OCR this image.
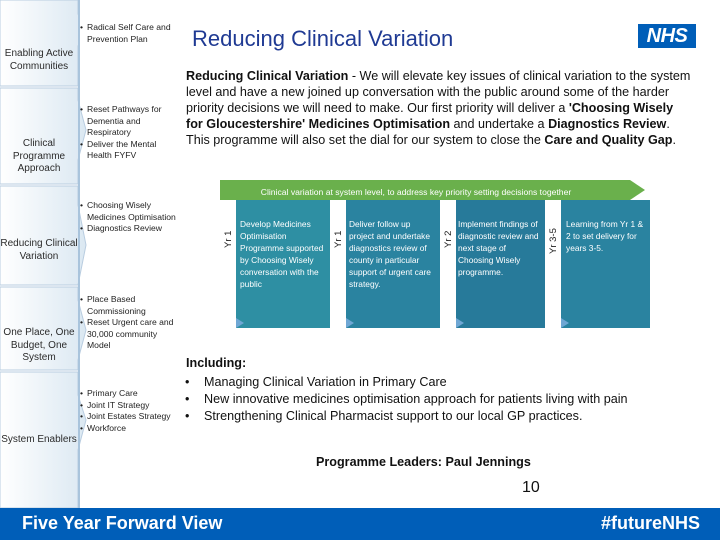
Enabling Active Communities
• Radical Self Care and Prevention Plan
Clinical Programme Approach
• Reset Pathways for Dementia and Respiratory
• Deliver the Mental Health FYFV
Reducing Clinical Variation
• Choosing Wisely Medicines Optimisation
• Diagnostics Review
One Place, One Budget, One System
• Place Based Commissioning
• Reset Urgent care and 30,000 community Model
System Enablers
• Primary Care
• Joint IT Strategy
• Joint Estates Strategy
• Workforce
Reducing Clinical Variation	NHS

Reducing Clinical Variation - We will elevate key issues of clinical variation to the system level and have a new joined up conversation with the public around some of the harder priority decisions we will need to make. Our first priority will deliver a 'Choosing Wisely for Gloucestershire' Medicines Optimisation and undertake a Diagnostics Review. This programme will also set the dial for our system to close the Care and Quality Gap.

Clinical variation at system level, to address key priority setting decisions together
Yr 1
Develop Medicines Optimisation Programme supported by Choosing Wisely conversation with the public
Yr 1
Deliver follow up project and undertake diagnostics review of county in particular support of urgent care strategy.
Yr 2
Implement findings of diagnostic review and next stage of Choosing Wisely programme.
Yr 3-5
Learning from Yr 1 & 2 to set delivery for years 3-5.
Including:
• Managing Clinical Variation in Primary Care
• New innovative medicines optimisation approach for patients living with pain
• Strengthening Clinical Pharmacist support to our local GP practices.
Programme Leaders: Paul Jennings
Five Year Forward View	#futureNHS
10
